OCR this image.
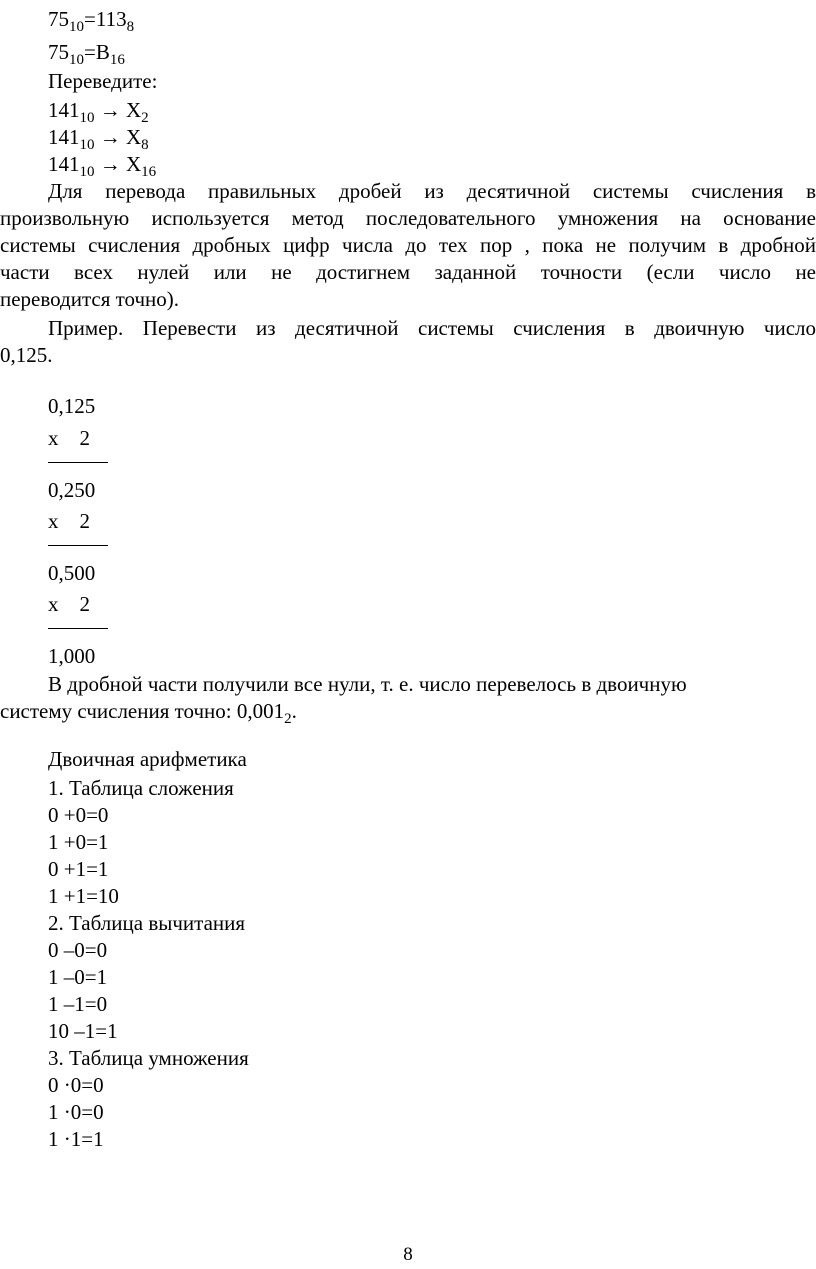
$75_{10}=113_8$
$75_{10}=B_{16}$
Переведите:
$141_{10} \to X_2$
$141_{10} \to X_8$
$141_{10} \to X_{16}$
Для перевода правильных дробей из десятичной системы счисления в
произвольную используется метод последовательного умножения на основание
системы счисления дробных цифр числа до тех пор , пока не получим в дробной
части всех нулей или не достигнем заданной точности (если число не
переводится точно).
Пример. Перевести из десятичной системы счисления в двоичную число
0,125.
0,125
x    2
0,250
x    2
0,500
x    2
1,000
В дробной части получили все нули, т. е. число перевелось в двоичную
систему счисления точно: $0,001_2$.
Двоичная арифметика
1. Таблица сложения
0 +0=0
1 +0=1
0 +1=1
1 +1=10
2. Таблица вычитания
0 –0=0
1 –0=1
1 –1=0
10 –1=1
3. Таблица умножения
0 ·0=0
1 ·0=0
1 ·1=1
8
